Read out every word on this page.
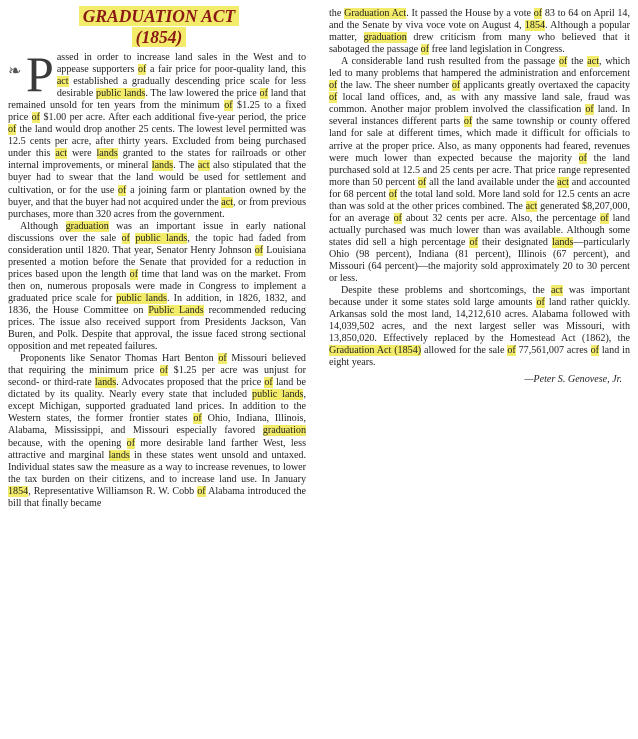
GRADUATION ACT
(1854)
❧ P assed in order to increase land sales in the West and to appease supporters of a fair price for poor-quality land, this act established a gradually descending price scale for less desirable public lands. The law lowered the price of land that remained unsold for ten years from the minimum of $1.25 to a fixed price of $1.00 per acre. After each additional five-year period, the price of the land would drop another 25 cents. The lowest level permitted was 12.5 cents per acre, after thirty years. Excluded from being purchased under this act were lands granted to the states for railroads or other internal improvements, or mineral lands. The act also stipulated that the buyer had to swear that the land would be used for settlement and cultivation, or for the use of a joining farm or plantation owned by the buyer, and that the buyer had not acquired under the act, or from previous purchases, more than 320 acres from the government.

Although graduation was an important issue in early national discussions over the sale of public lands, the topic had faded from consideration until 1820. That year, Senator Henry Johnson of Louisiana presented a motion before the Senate that provided for a reduction in prices based upon the length of time that land was on the market. From then on, numerous proposals were made in Congress to implement a graduated price scale for public lands. In addition, in 1826, 1832, and 1836, the House Committee on Public Lands recommended reducing prices. The issue also received support from Presidents Jackson, Van Buren, and Polk. Despite that approval, the issue faced strong sectional opposition and met repeated failures.

Proponents like Senator Thomas Hart Benton of Missouri believed that requiring the minimum price of $1.25 per acre was unjust for second- or third-rate lands. Advocates proposed that the price of land be dictated by its quality. Nearly every state that included public lands, except Michigan, supported graduated land prices. In addition to the Western states, the former frontier states of Ohio, Indiana, Illinois, Alabama, Mississippi, and Missouri especially favored graduation because, with the opening of more desirable land farther West, less attractive and marginal lands in these states went unsold and untaxed. Individual states saw the measure as a way to increase revenues, to lower the tax burden on their citizens, and to increase land use. In January 1854, Representative Williamson R. W. Cobb of Alabama introduced the bill that finally became

the Graduation Act. It passed the House by a vote of 83 to 64 on April 14, and the Senate by viva voce vote on August 4, 1854. Although a popular matter, graduation drew criticism from many who believed that it sabotaged the passage of free land legislation in Congress.

A considerable land rush resulted from the passage of the act, which led to many problems that hampered the administration and enforcement of the law. The sheer number of applicants greatly overtaxed the capacity of local land offices, and, as with any massive land sale, fraud was common. Another major problem involved the classification of land. In several instances different parts of the same township or county offered land for sale at different times, which made it difficult for officials to arrive at the proper price. Also, as many opponents had feared, revenues were much lower than expected because the majority of the land purchased sold at 12.5 and 25 cents per acre. That price range represented more than 50 percent of all the land available under the act and accounted for 68 percent of the total land sold. More land sold for 12.5 cents an acre than was sold at the other prices combined. The act generated $8,207,000, for an average of about 32 cents per acre. Also, the percentage of land actually purchased was much lower than was available. Although some states did sell a high percentage of their designated lands—particularly Ohio (98 percent), Indiana (81 percent), Illinois (67 percent), and Missouri (64 percent)—the majority sold approximately 20 to 30 percent or less.

Despite these problems and shortcomings, the act was important because under it some states sold large amounts of land rather quickly. Arkansas sold the most land, 14,212,610 acres. Alabama followed with 14,039,502 acres, and the next largest seller was Missouri, with 13,850,020. Effectively replaced by the Homestead Act (1862), the Graduation Act (1854) allowed for the sale of 77,561,007 acres of land in eight years.

—Peter S. Genovese, Jr.
